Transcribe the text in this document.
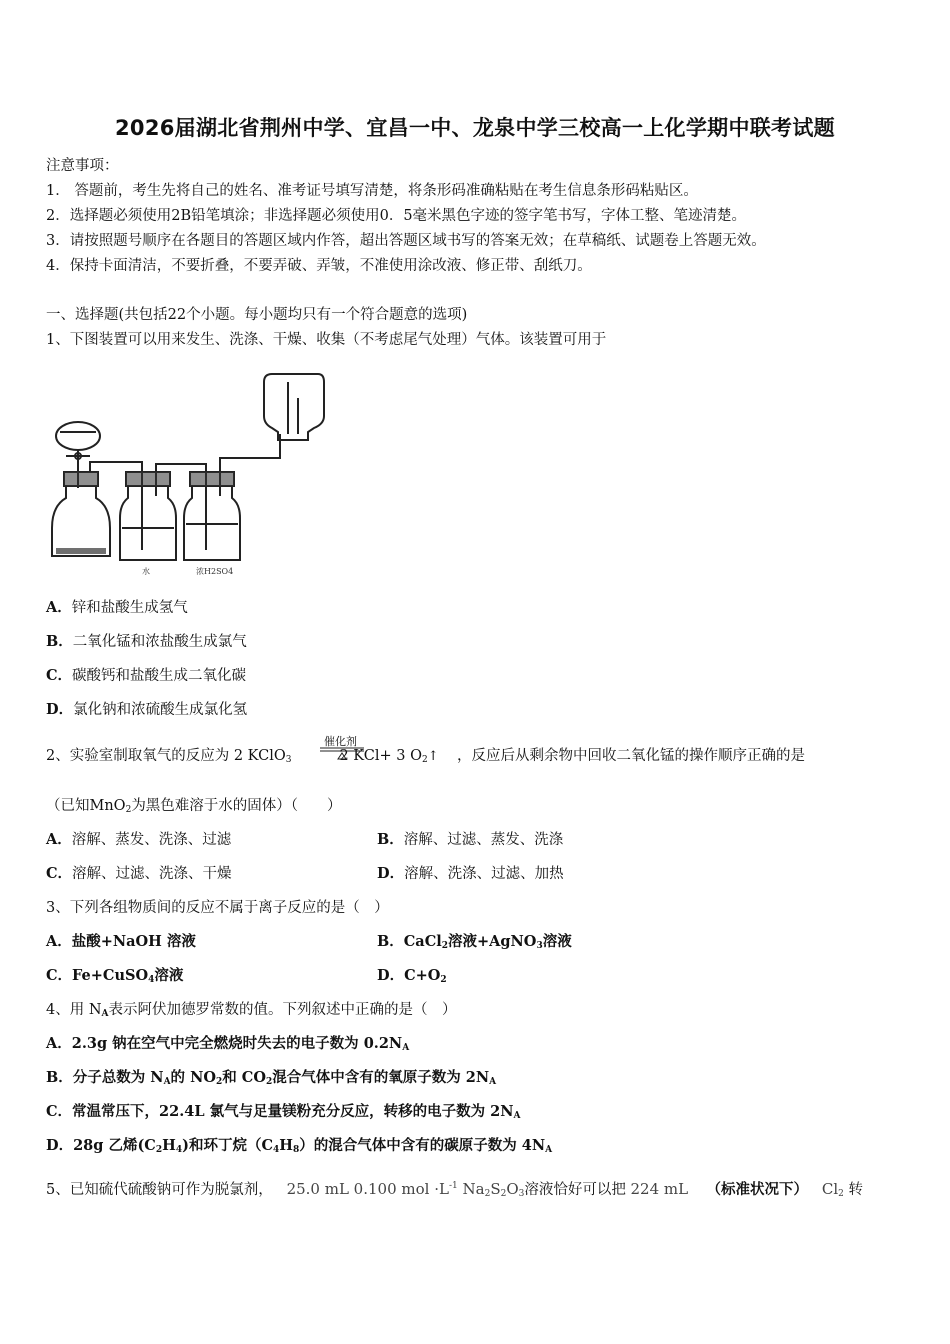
2026届湖北省荆州中学、宜昌一中、龙泉中学三校高一上化学期中联考试题
注意事项：
1． 答题前，考生先将自己的姓名、准考证号填写清楚，将条形码准确粘贴在考生信息条形码粘贴区。
2．选择题必须使用2B铅笔填涂；非选择题必须使用0．5毫米黑色字迹的签字笔书写，字体工整、笔迹清楚。
3．请按照题号顺序在各题目的答题区域内作答，超出答题区域书写的答案无效；在草稿纸、试题卷上答题无效。
4．保持卡面清洁，不要折叠，不要弄破、弄皱，不准使用涂改液、修正带、刮纸刀。
一、选择题(共包括22个小题。每小题均只有一个符合题意的选项)
1、下图装置可以用来发生、洗涤、干燥、收集（不考虑尾气处理）气体。该装置可用于
水	浓H2SO4
A．锌和盐酸生成氢气
B．二氧化锰和浓盐酸生成氯气
C．碳酸钙和盐酸生成二氧化碳
D．氯化钠和浓硫酸生成氯化氢
2、实验室制取氧气的反应为 2 KClO$_3$	2 KCl+ 3 $O_2↑$ ，反应后从剩余物中回收二氧化锰的操作顺序正确的是
催化剂
（已知MnO$_2$为黑色难溶于水的固体）（　　）
A．溶解、蒸发、洗涤、过滤	B．溶解、过滤、蒸发、洗涤
C．溶解、过滤、洗涤、干燥	D．溶解、洗涤、过滤、加热
3、下列各组物质间的反应不属于离子反应的是（　）
A．盐酸+NaOH 溶液	B．CaCl$_2$溶液+AgNO$_3$溶液
C．Fe+CuSO$_4$溶液	D．$C+O_2$
4、用 $N_A$表示阿伏加德罗常数的值。下列叙述中正确的是（　）
A．2.3g 钠在空气中完全燃烧时失去的电子数为 $0.2N_A$
B．分子总数为 $N_A$的 $NO_2$和 $CO_2$混合气体中含有的氧原子数为 $2N_A$
C．常温常压下，22.4L 氯气与足量镁粉充分反应，转移的电子数为 $2N_A$
D．28g 乙烯$(C_2H_4)$和环丁烷$(C_4H_8)$的混合气体中含有的碳原子数为 $4N_A$
5、已知硫代硫酸钠可作为脱氯剂， 25.0 mL 0.100 mol $\cdot L^{-1}$ $Na_2S_2O_3$溶液恰好可以把 224 mL （标准状况下） $Cl_2$ 转
